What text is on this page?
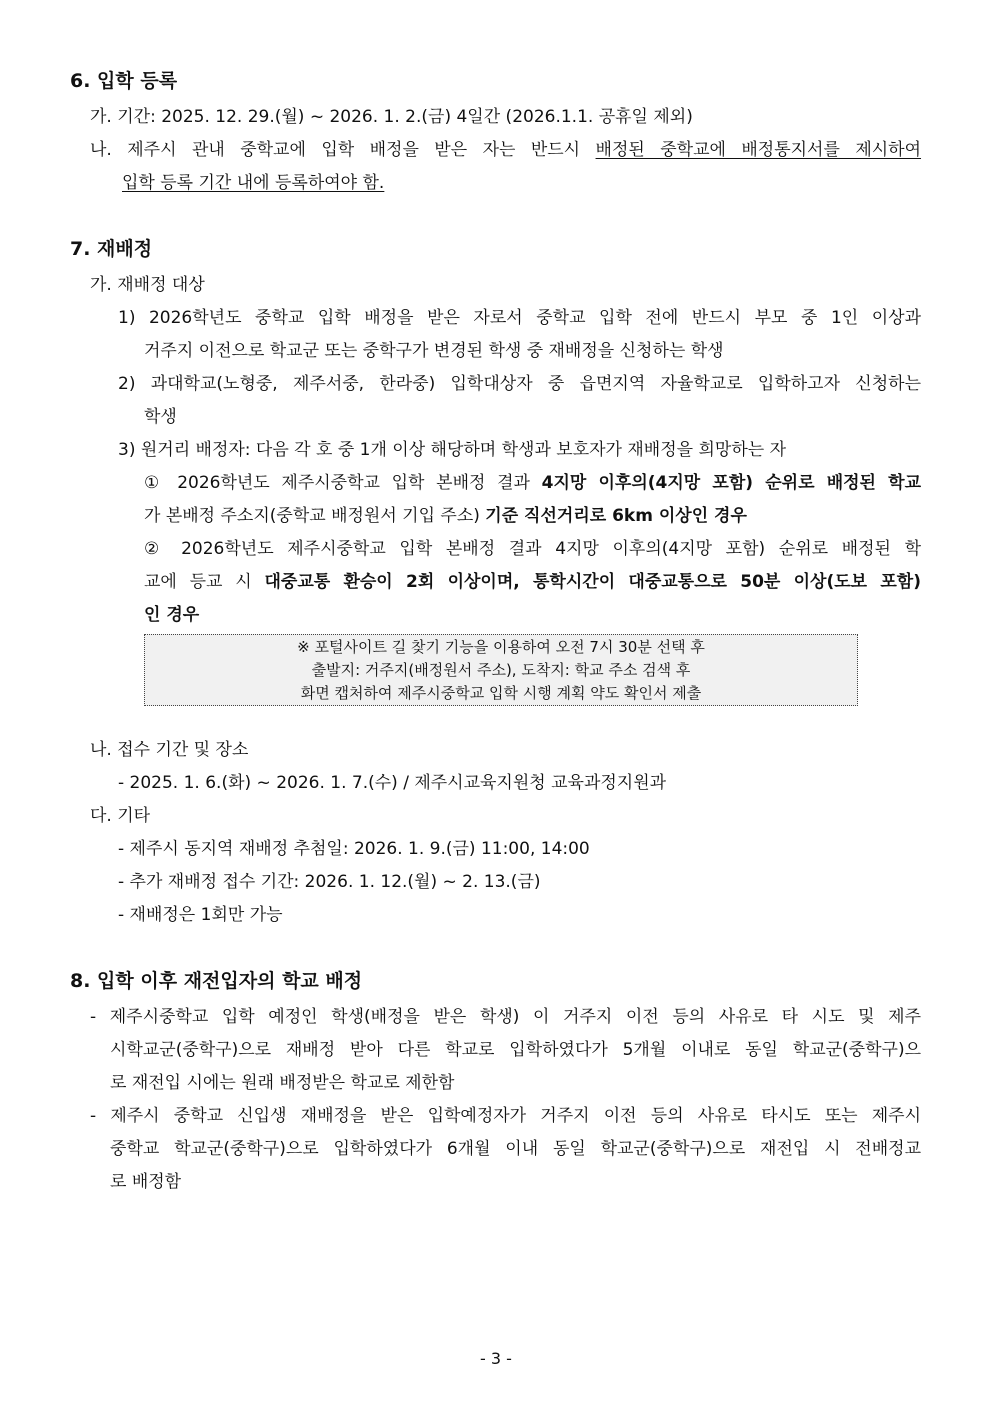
6. 입학 등록
가. 기간: 2025. 12. 29.(월) ~ 2026. 1. 2.(금) 4일간 (2026.1.1. 공휴일 제외)
나. 제주시 관내 중학교에 입학 배정을 받은 자는 반드시 배정된 중학교에 배정통지서를 제시하여
입학 등록 기간 내에 등록하여야 함.
7. 재배정
가. 재배정 대상
1) 2026학년도 중학교 입학 배정을 받은 자로서 중학교 입학 전에 반드시 부모 중 1인 이상과
거주지 이전으로 학교군 또는 중학구가 변경된 학생 중 재배정을 신청하는 학생
2) 과대학교(노형중, 제주서중, 한라중) 입학대상자 중 읍면지역 자율학교로 입학하고자 신청하는
학생
3) 원거리 배정자: 다음 각 호 중 1개 이상 해당하며 학생과 보호자가 재배정을 희망하는 자
① 2026학년도 제주시중학교 입학 본배정 결과 4지망 이후의(4지망 포함) 순위로 배정된 학교
가 본배정 주소지(중학교 배정원서 기입 주소) 기준 직선거리로 6km 이상인 경우
② 2026학년도 제주시중학교 입학 본배정 결과 4지망 이후의(4지망 포함) 순위로 배정된 학
교에 등교 시 대중교통 환승이 2회 이상이며, 통학시간이 대중교통으로 50분 이상(도보 포함)
인 경우
※ 포털사이트 길 찾기 기능을 이용하여 오전 7시 30분 선택 후
출발지: 거주지(배정원서 주소), 도착지: 학교 주소 검색 후
화면 캡처하여 제주시중학교 입학 시행 계획 약도 확인서 제출
나. 접수 기간 및 장소
- 2025. 1. 6.(화) ~ 2026. 1. 7.(수) / 제주시교육지원청 교육과정지원과
다. 기타
- 제주시 동지역 재배정 추첨일: 2026. 1. 9.(금) 11:00, 14:00
- 추가 재배정 접수 기간: 2026. 1. 12.(월) ~ 2. 13.(금)
- 재배정은 1회만 가능
8. 입학 이후 재전입자의 학교 배정
- 제주시중학교 입학 예정인 학생(배정을 받은 학생) 이 거주지 이전 등의 사유로 타 시도 및 제주
시학교군(중학구)으로 재배정 받아 다른 학교로 입학하였다가 5개월 이내로 동일 학교군(중학구)으
로 재전입 시에는 원래 배정받은 학교로 제한함
- 제주시 중학교 신입생 재배정을 받은 입학예정자가 거주지 이전 등의 사유로 타시도 또는 제주시
중학교 학교군(중학구)으로 입학하였다가 6개월 이내 동일 학교군(중학구)으로 재전입 시 전배정교
로 배정함
- 3 -
